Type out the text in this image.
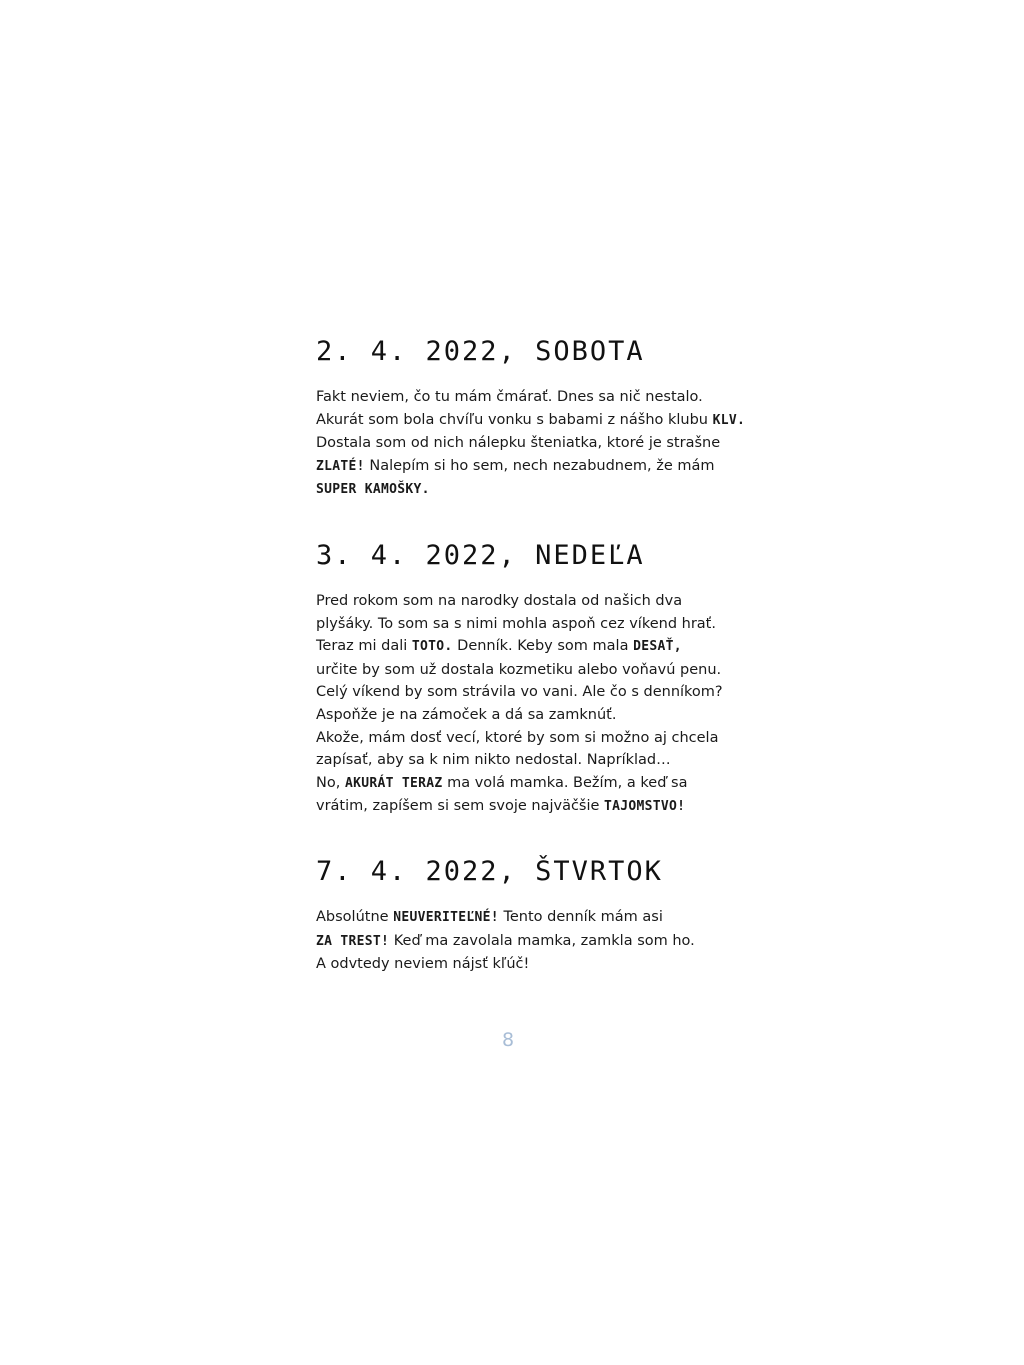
2. 4. 2022, SOBOTA

Fakt neviem, čo tu mám čmárať. Dnes sa nič nestalo.
Akurát som bola chvíľu vonku s babami z nášho klubu KLV.
Dostala som od nich nálepku šteniatka, ktoré je strašne
ZLATÉ! Nalepím si ho sem, nech nezabudnem, že mám
SUPER KAMOŠKY.

3. 4. 2022, NEDEĽA

Pred rokom som na narodky dostala od našich dva
plyšáky. To som sa s nimi mohla aspoň cez víkend hrať.
Teraz mi dali TOTO. Denník. Keby som mala DESAŤ,
určite by som už dostala kozmetiku alebo voňavú penu.
Celý víkend by som strávila vo vani. Ale čo s denníkom?
Aspoňže je na zámoček a dá sa zamknúť.
Akože, mám dosť vecí, ktoré by som si možno aj chcela
zapísať, aby sa k nim nikto nedostal. Napríklad…
No, AKURÁT TERAZ ma volá mamka. Bežím, a keď sa
vrátim, zapíšem si sem svoje najväčšie TAJOMSTVO!

7. 4. 2022, ŠTVRTOK

Absolútne NEUVERITEĽNÉ! Tento denník mám asi
ZA TREST! Keď ma zavolala mamka, zamkla som ho.
A odvtedy neviem nájsť kľúč!

8
